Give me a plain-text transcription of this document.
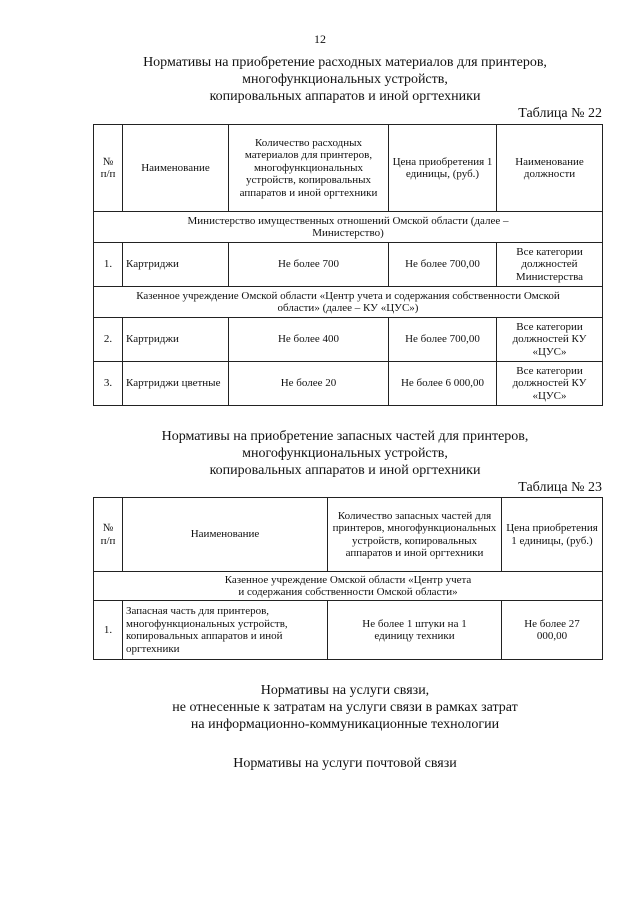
12
Нормативы на приобретение расходных материалов для принтеров,
многофункциональных устройств,
копировальных аппаратов и иной оргтехники
Таблица № 22
№ п/п	Наименование	Количество расходных материалов для принтеров, многофункциональных устройств, копировальных аппаратов и иной оргтехники	Цена приобретения 1 единицы, (руб.)	Наименование должности
Министерство имущественных отношений Омской области (далее – Министерство)				
1.	Картриджи	Не более 700	Не более 700,00	Все категории должностей Министерства
Казенное учреждение Омской области «Центр учета и содержания собственности Омской области» (далее – КУ «ЦУС»)				
2.	Картриджи	Не более 400	Не более 700,00	Все категории должностей КУ «ЦУС»
3.	Картриджи цветные	Не более 20	Не более 6 000,00	Все категории должностей КУ «ЦУС»
Нормативы на приобретение запасных частей для принтеров,
многофункциональных устройств,
копировальных аппаратов и иной оргтехники
Таблица № 23
№ п/п	Наименование	Количество запасных частей для принтеров, многофункциональных устройств, копировальных аппаратов и иной оргтехники	Цена приобретения 1 единицы, (руб.)
Казенное учреждение Омской области «Центр учета и содержания собственности Омской области»			
1.	Запасная часть для принтеров, многофункциональных устройств, копировальных аппаратов и иной оргтехники	Не более 1 штуки на 1 единицу техники	Не более 27 000,00
Нормативы на услуги связи,
не отнесенные к затратам на услуги связи в рамках затрат
на информационно-коммуникационные технологии
Нормативы на услуги почтовой связи
